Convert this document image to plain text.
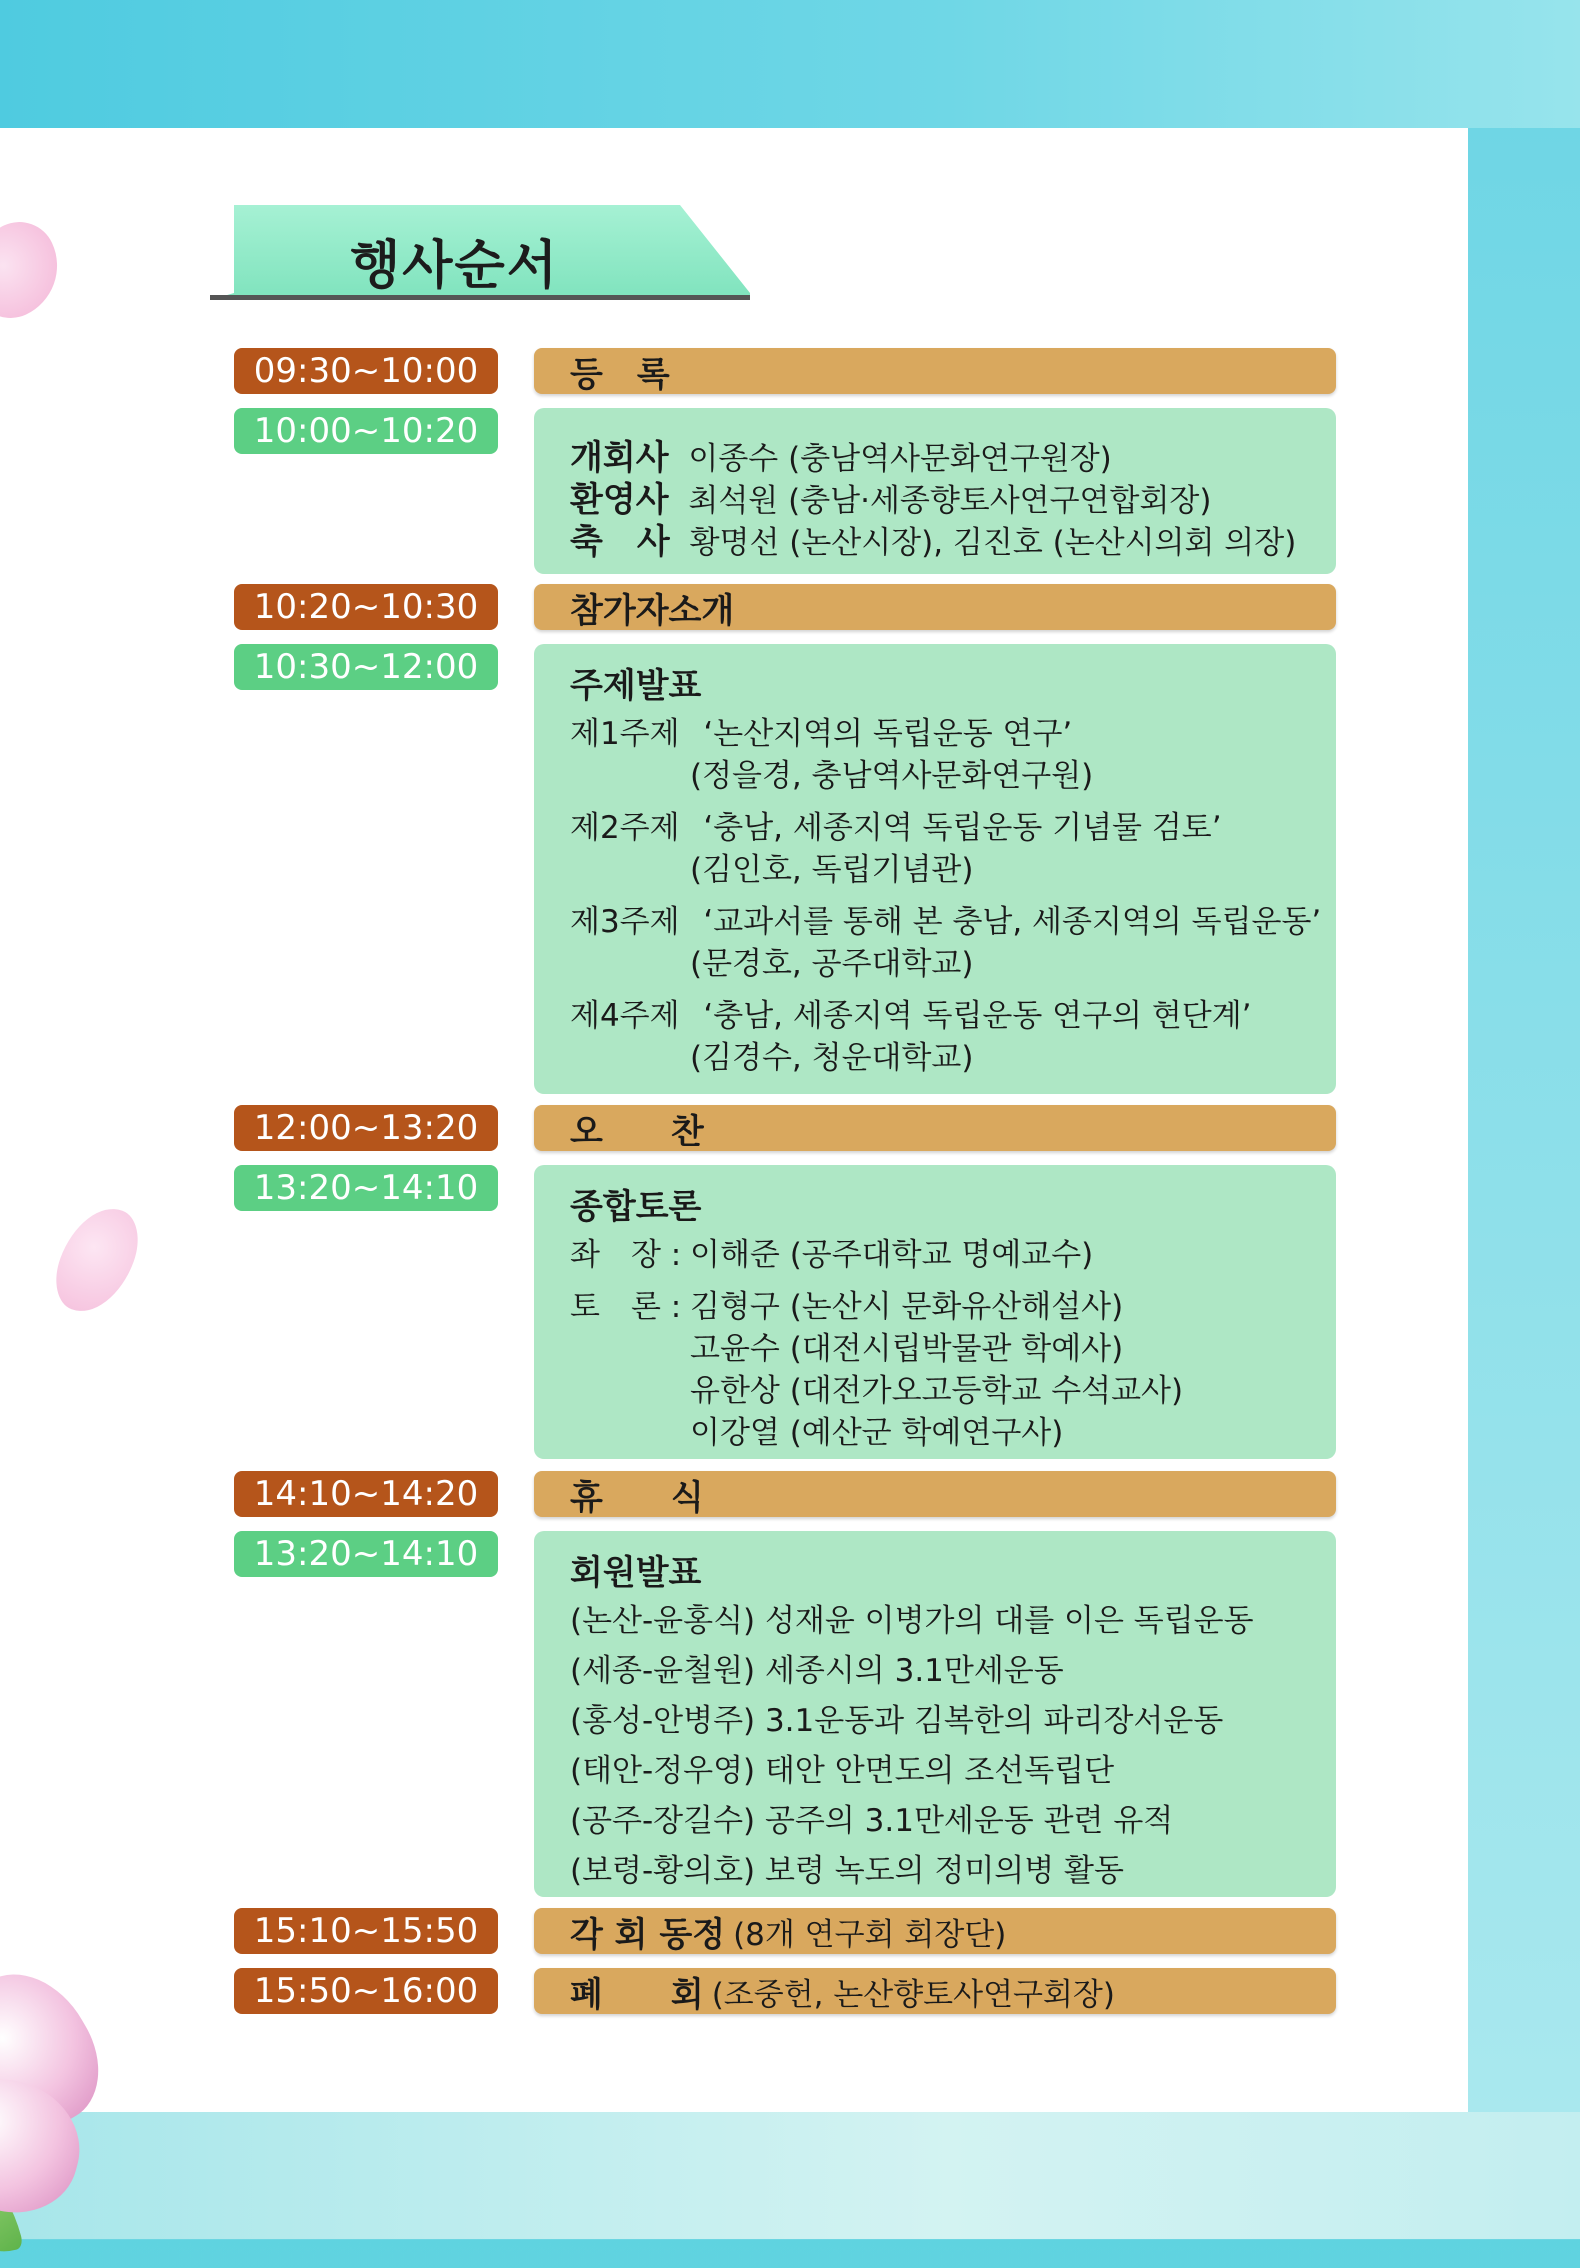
행사순서
09:30~10:00	등　록
10:00~10:20
개회사 이종수 (충남역사문화연구원장)
환영사 최석원 (충남·세종향토사연구연합회장)
축　사 황명선 (논산시장), 김진호 (논산시의회 의장)
10:20~10:30	참가자소개
10:30~12:00	주제발표
제1주제 ‘논산지역의 독립운동 연구’
(정을경, 충남역사문화연구원)
제2주제 ‘충남, 세종지역 독립운동 기념물 검토’
(김인호, 독립기념관)
제3주제 ‘교과서를 통해 본 충남, 세종지역의 독립운동’
(문경호, 공주대학교)
제4주제 ‘충남, 세종지역 독립운동 연구의 현단계’
(김경수, 청운대학교)
12:00~13:20	오　　찬
13:20~14:10	종합토론
좌　장 : 이해준 (공주대학교 명예교수)
토　론 : 김형구 (논산시 문화유산해설사)
고윤수 (대전시립박물관 학예사)
유한상 (대전가오고등학교 수석교사)
이강열 (예산군 학예연구사)
14:10~14:20	휴　　식
13:20~14:10	회원발표
(논산-윤홍식) 성재윤 이병가의 대를 이은 독립운동
(세종-윤철원) 세종시의 3.1만세운동
(홍성-안병주) 3.1운동과 김복한의 파리장서운동
(태안-정우영) 태안 안면도의 조선독립단
(공주-장길수) 공주의 3.1만세운동 관련 유적
(보령-황의호) 보령 녹도의 정미의병 활동
15:10~15:50	각 회 동정 (8개 연구회 회장단)
15:50~16:00	폐　　회 (조중헌, 논산향토사연구회장)
